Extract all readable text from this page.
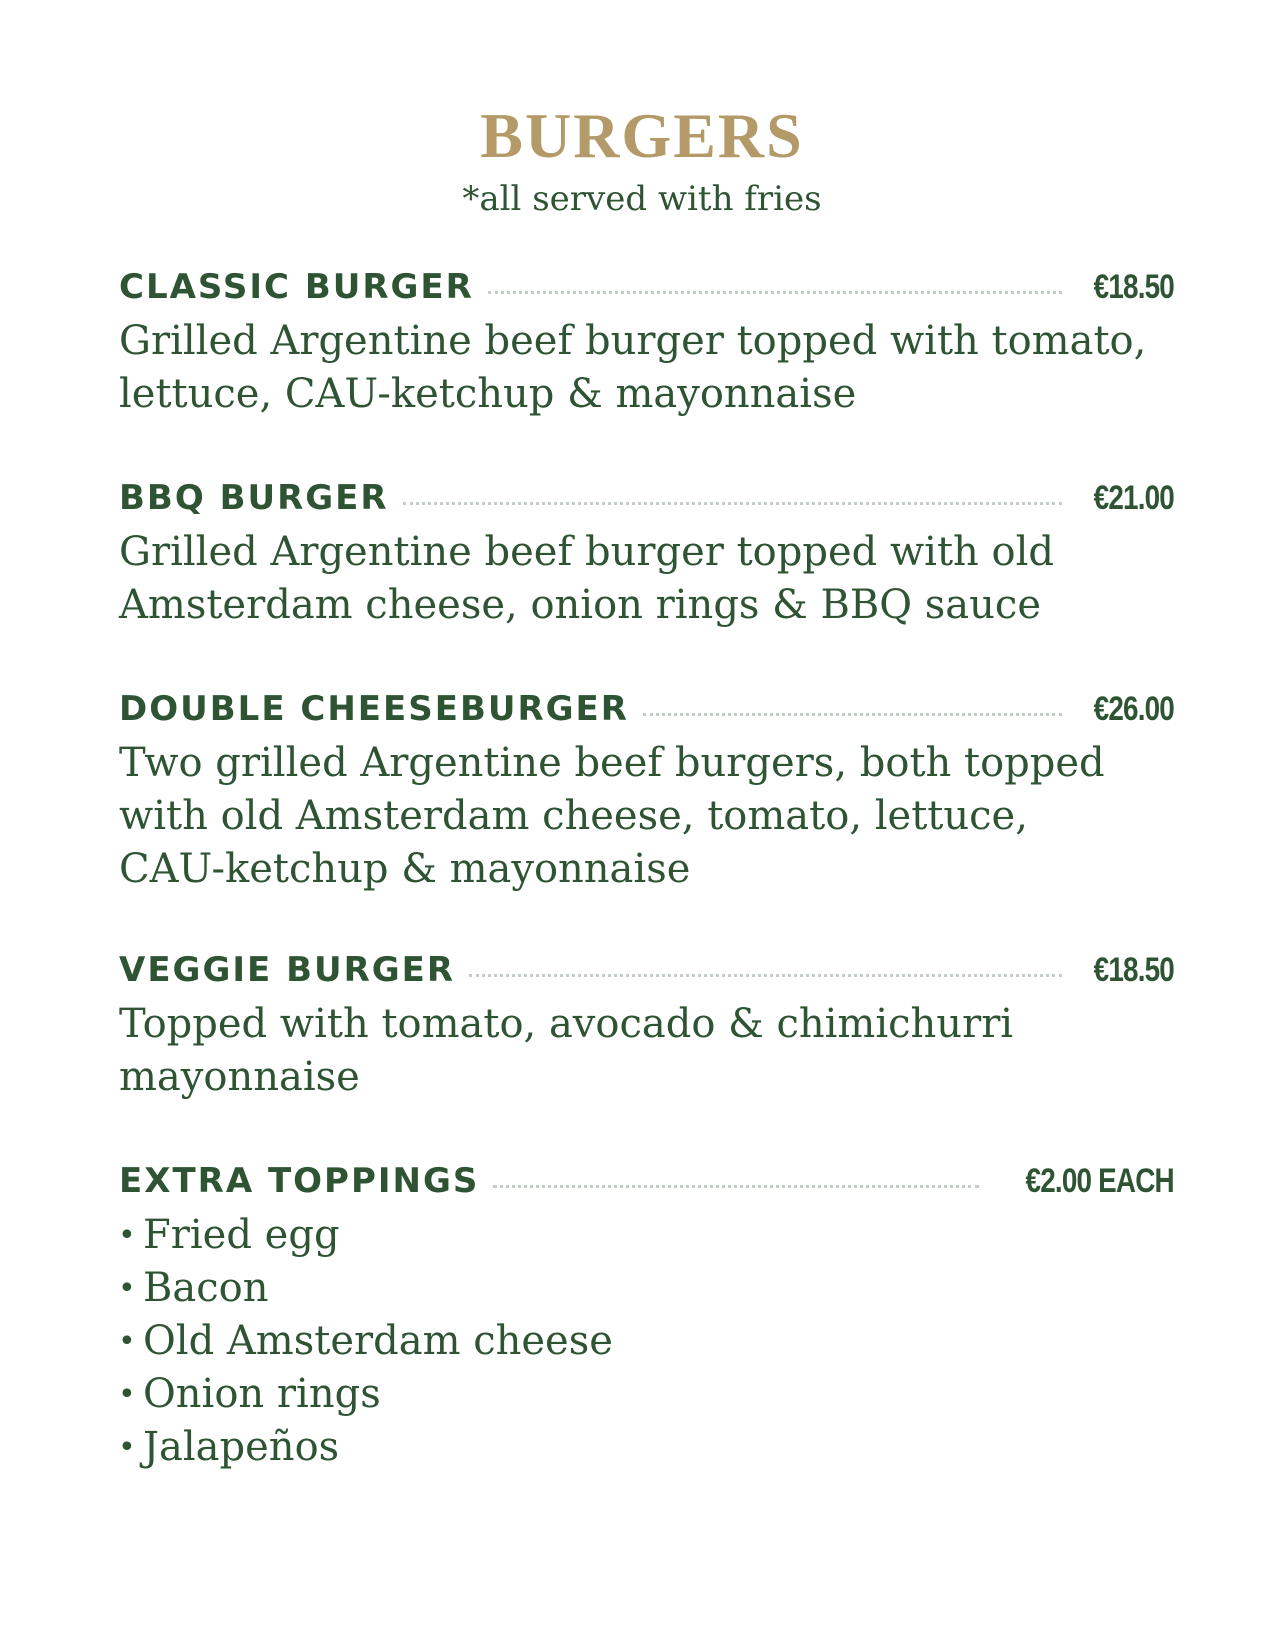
BURGERS
*all served with fries
CLASSIC BURGER	€18.50
Grilled Argentine beef burger topped with tomato,
lettuce, CAU-ketchup & mayonnaise
BBQ BURGER	€21.00
Grilled Argentine beef burger topped with old
Amsterdam cheese, onion rings & BBQ sauce
DOUBLE CHEESEBURGER	€26.00
Two grilled Argentine beef burgers, both topped
with old Amsterdam cheese, tomato, lettuce,
CAU-ketchup & mayonnaise
VEGGIE BURGER	€18.50
Topped with tomato, avocado & chimichurri
mayonnaise
EXTRA TOPPINGS	€2.00 EACH
• Fried egg
• Bacon
• Old Amsterdam cheese
• Onion rings
• Jalapeños
